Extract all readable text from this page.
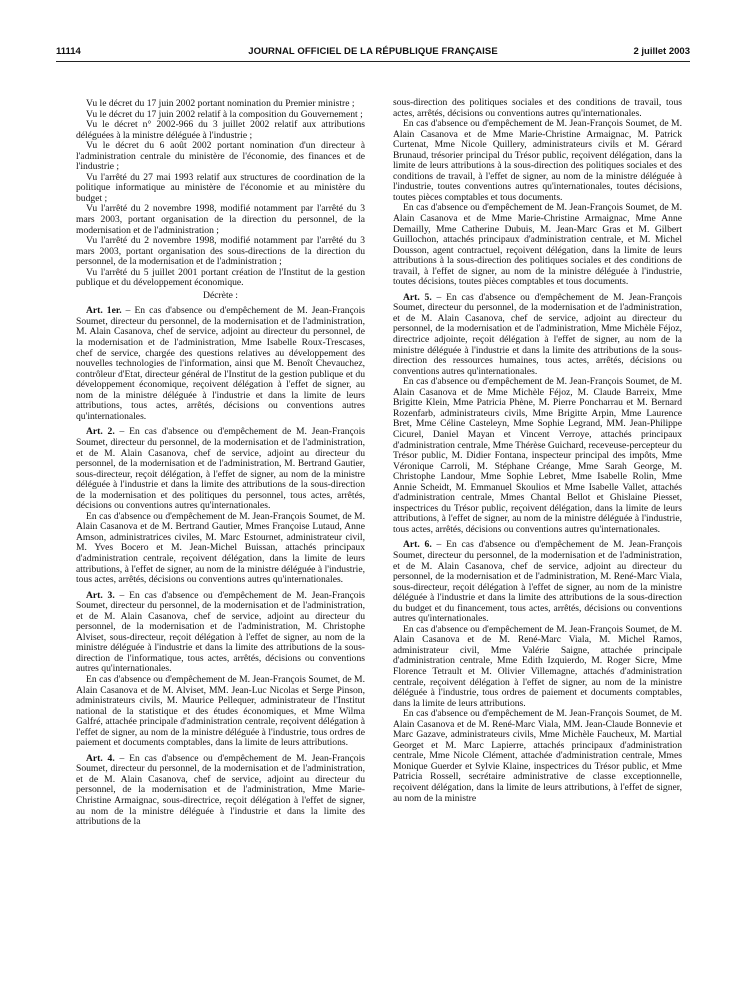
11114	JOURNAL OFFICIEL DE LA RÉPUBLIQUE FRANÇAISE	2 juillet 2003

Vu le décret du 17 juin 2002 portant nomination du Premier ministre ;

Vu le décret du 17 juin 2002 relatif à la composition du Gouvernement ;

Vu le décret n° 2002-966 du 3 juillet 2002 relatif aux attributions déléguées à la ministre déléguée à l'industrie ;

Vu le décret du 6 août 2002 portant nomination d'un directeur à l'administration centrale du ministère de l'économie, des finances et de l'industrie ;

Vu l'arrêté du 27 mai 1993 relatif aux structures de coordination de la politique informatique au ministère de l'économie et au ministère du budget ;

Vu l'arrêté du 2 novembre 1998, modifié notamment par l'arrêté du 3 mars 2003, portant organisation de la direction du personnel, de la modernisation et de l'administration ;

Vu l'arrêté du 2 novembre 1998, modifié notamment par l'arrêté du 3 mars 2003, portant organisation des sous-directions de la direction du personnel, de la modernisation et de l'administration ;

Vu l'arrêté du 5 juillet 2001 portant création de l'Institut de la gestion publique et du développement économique.

Décrète :

Art. 1er. – En cas d'absence ou d'empêchement de M. Jean-François Soumet, directeur du personnel, de la modernisation et de l'administration, M. Alain Casanova, chef de service, adjoint au directeur du personnel, de la modernisation et de l'administration, Mme Isabelle Roux-Trescases, chef de service, chargée des questions relatives au développement des nouvelles technologies de l'information, ainsi que M. Benoît Chevauchez, contrôleur d'Etat, directeur général de l'Institut de la gestion publique et du développement économique, reçoivent délégation à l'effet de signer, au nom de la ministre déléguée à l'industrie et dans la limite de leurs attributions, tous actes, arrêtés, décisions ou conventions autres qu'internationales.

Art. 2. – En cas d'absence ou d'empêchement de M. Jean-François Soumet, directeur du personnel, de la modernisation et de l'administration, et de M. Alain Casanova, chef de service, adjoint au directeur du personnel, de la modernisation et de l'administration, M. Bertrand Gautier, sous-directeur, reçoit délégation, à l'effet de signer, au nom de la ministre déléguée à l'industrie et dans la limite des attributions de la sous-direction de la modernisation et des politiques du personnel, tous actes, arrêtés, décisions ou conventions autres qu'internationales.

En cas d'absence ou d'empêchement de M. Jean-François Soumet, de M. Alain Casanova et de M. Bertrand Gautier, Mmes Françoise Lutaud, Anne Amson, administratrices civiles, M. Marc Estournet, administrateur civil, M. Yves Bocero et M. Jean-Michel Buissan, attachés principaux d'administration centrale, reçoivent délégation, dans la limite de leurs attributions, à l'effet de signer, au nom de la ministre déléguée à l'industrie, tous actes, arrêtés, décisions ou conventions autres qu'internationales.

Art. 3. – En cas d'absence ou d'empêchement de M. Jean-François Soumet, directeur du personnel, de la modernisation et de l'administration, et de M. Alain Casanova, chef de service, adjoint au directeur du personnel, de la modernisation et de l'administration, M. Christophe Alviset, sous-directeur, reçoit délégation à l'effet de signer, au nom de la ministre déléguée à l'industrie et dans la limite des attributions de la sous-direction de l'informatique, tous actes, arrêtés, décisions ou conventions autres qu'internationales.

En cas d'absence ou d'empêchement de M. Jean-François Soumet, de M. Alain Casanova et de M. Alviset, MM. Jean-Luc Nicolas et Serge Pinson, administrateurs civils, M. Maurice Pellequer, administrateur de l'Institut national de la statistique et des études économiques, et Mme Wilma Galfré, attachée principale d'administration centrale, reçoivent délégation à l'effet de signer, au nom de la ministre déléguée à l'industrie, tous ordres de paiement et documents comptables, dans la limite de leurs attributions.

Art. 4. – En cas d'absence ou d'empêchement de M. Jean-François Soumet, directeur du personnel, de la modernisation et de l'administration, et de M. Alain Casanova, chef de service, adjoint au directeur du personnel, de la modernisation et de l'administration, Mme Marie-Christine Armaignac, sous-directrice, reçoit délégation à l'effet de signer, au nom de la ministre déléguée à l'industrie et dans la limite des attributions de la

sous-direction des politiques sociales et des conditions de travail, tous actes, arrêtés, décisions ou conventions autres qu'internationales.

En cas d'absence ou d'empêchement de M. Jean-François Soumet, de M. Alain Casanova et de Mme Marie-Christine Armaignac, M. Patrick Curtenat, Mme Nicole Quillery, administrateurs civils et M. Gérard Brunaud, trésorier principal du Trésor public, reçoivent délégation, dans la limite de leurs attributions à la sous-direction des politiques sociales et des conditions de travail, à l'effet de signer, au nom de la ministre déléguée à l'industrie, toutes conventions autres qu'internationales, toutes décisions, toutes pièces comptables et tous documents.

En cas d'absence ou d'empêchement de M. Jean-François Soumet, de M. Alain Casanova et de Mme Marie-Christine Armaignac, Mme Anne Demailly, Mme Catherine Dubuis, M. Jean-Marc Gras et M. Gilbert Guillochon, attachés principaux d'administration centrale, et M. Michel Dousson, agent contractuel, reçoivent délégation, dans la limite de leurs attributions à la sous-direction des politiques sociales et des conditions de travail, à l'effet de signer, au nom de la ministre déléguée à l'industrie, toutes décisions, toutes pièces comptables et tous documents.

Art. 5. – En cas d'absence ou d'empêchement de M. Jean-François Soumet, directeur du personnel, de la modernisation et de l'administration, et de M. Alain Casanova, chef de service, adjoint au directeur du personnel, de la modernisation et de l'administration, Mme Michèle Féjoz, directrice adjointe, reçoit délégation à l'effet de signer, au nom de la ministre déléguée à l'industrie et dans la limite des attributions de la sous-direction des ressources humaines, tous actes, arrêtés, décisions ou conventions autres qu'internationales.

En cas d'absence ou d'empêchement de M. Jean-François Soumet, de M. Alain Casanova et de Mme Michèle Féjoz, M. Claude Barreix, Mme Brigitte Klein, Mme Patricia Phène, M. Pierre Poncharrau et M. Bernard Rozenfarb, administrateurs civils, Mme Brigitte Arpin, Mme Laurence Bret, Mme Céline Casteleyn, Mme Sophie Legrand, MM. Jean-Philippe Cicurel, Daniel Mayan et Vincent Verroye, attachés principaux d'administration centrale, Mme Thérèse Guichard, receveuse-percepteur du Trésor public, M. Didier Fontana, inspecteur principal des impôts, Mme Véronique Carroli, M. Stéphane Créange, Mme Sarah George, M. Christophe Landour, Mme Sophie Lebret, Mme Isabelle Rolin, Mme Annie Scheidt, M. Emmanuel Skoulios et Mme Isabelle Vallet, attachés d'administration centrale, Mmes Chantal Bellot et Ghislaine Piesset, inspectrices du Trésor public, reçoivent délégation, dans la limite de leurs attributions, à l'effet de signer, au nom de la ministre déléguée à l'industrie, tous actes, arrêtés, décisions ou conventions autres qu'internationales.

Art. 6. – En cas d'absence ou d'empêchement de M. Jean-François Soumet, directeur du personnel, de la modernisation et de l'administration, et de M. Alain Casanova, chef de service, adjoint au directeur du personnel, de la modernisation et de l'administration, M. René-Marc Viala, sous-directeur, reçoit délégation à l'effet de signer, au nom de la ministre déléguée à l'industrie et dans la limite des attributions de la sous-direction du budget et du financement, tous actes, arrêtés, décisions ou conventions autres qu'internationales.

En cas d'absence ou d'empêchement de M. Jean-François Soumet, de M. Alain Casanova et de M. René-Marc Viala, M. Michel Ramos, administrateur civil, Mme Valérie Saigne, attachée principale d'administration centrale, Mme Edith Izquierdo, M. Roger Sicre, Mme Florence Tetrault et M. Olivier Villemagne, attachés d'administration centrale, reçoivent délégation à l'effet de signer, au nom de la ministre déléguée à l'industrie, tous ordres de paiement et documents comptables, dans la limite de leurs attributions.

En cas d'absence ou d'empêchement de M. Jean-François Soumet, de M. Alain Casanova et de M. René-Marc Viala, MM. Jean-Claude Bonnevie et Marc Gazave, administrateurs civils, Mme Michèle Faucheux, M. Martial Georget et M. Marc Lapierre, attachés principaux d'administration centrale, Mme Nicole Clément, attachée d'administration centrale, Mmes Monique Guerder et Sylvie Klaine, inspectrices du Trésor public, et Mme Patricia Rossell, secrétaire administrative de classe exceptionnelle, reçoivent délégation, dans la limite de leurs attributions, à l'effet de signer, au nom de la ministre
